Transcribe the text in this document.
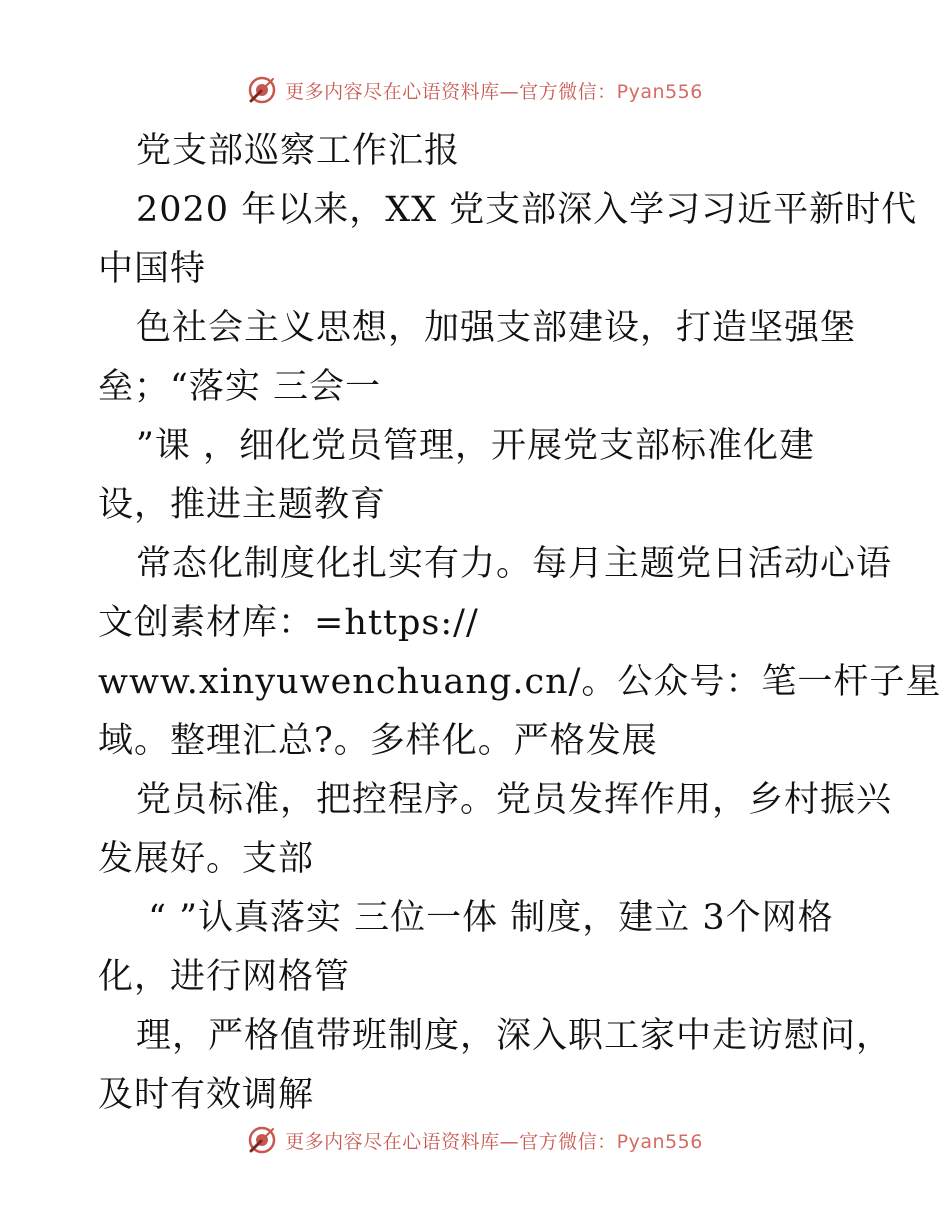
更多内容尽在心语资料库—官方微信：Pyan556
党支部巡察工作汇报
2020 年以来，XX 党支部深入学习习近平新时代
中国特
色社会主义思想，加强支部建设，打造坚强堡
垒；“落实 三会一
”课 ，细化党员管理，开展党支部标准化建
设，推进主题教育
常态化制度化扎实有力。每月主题党日活动心语
文创素材库：=https://
www.xinyuwenchuang.cn/。公众号：笔一杆子星
域。整理汇总?。多样化。严格发展
党员标准，把控程序。党员发挥作用，乡村振兴
发展好。支部
“ ”认真落实 三位一体 制度，建立 3个网格
化，进行网格管
理，严格值带班制度，深入职工家中走访慰问，
及时有效调解
更多内容尽在心语资料库—官方微信：Pyan556
